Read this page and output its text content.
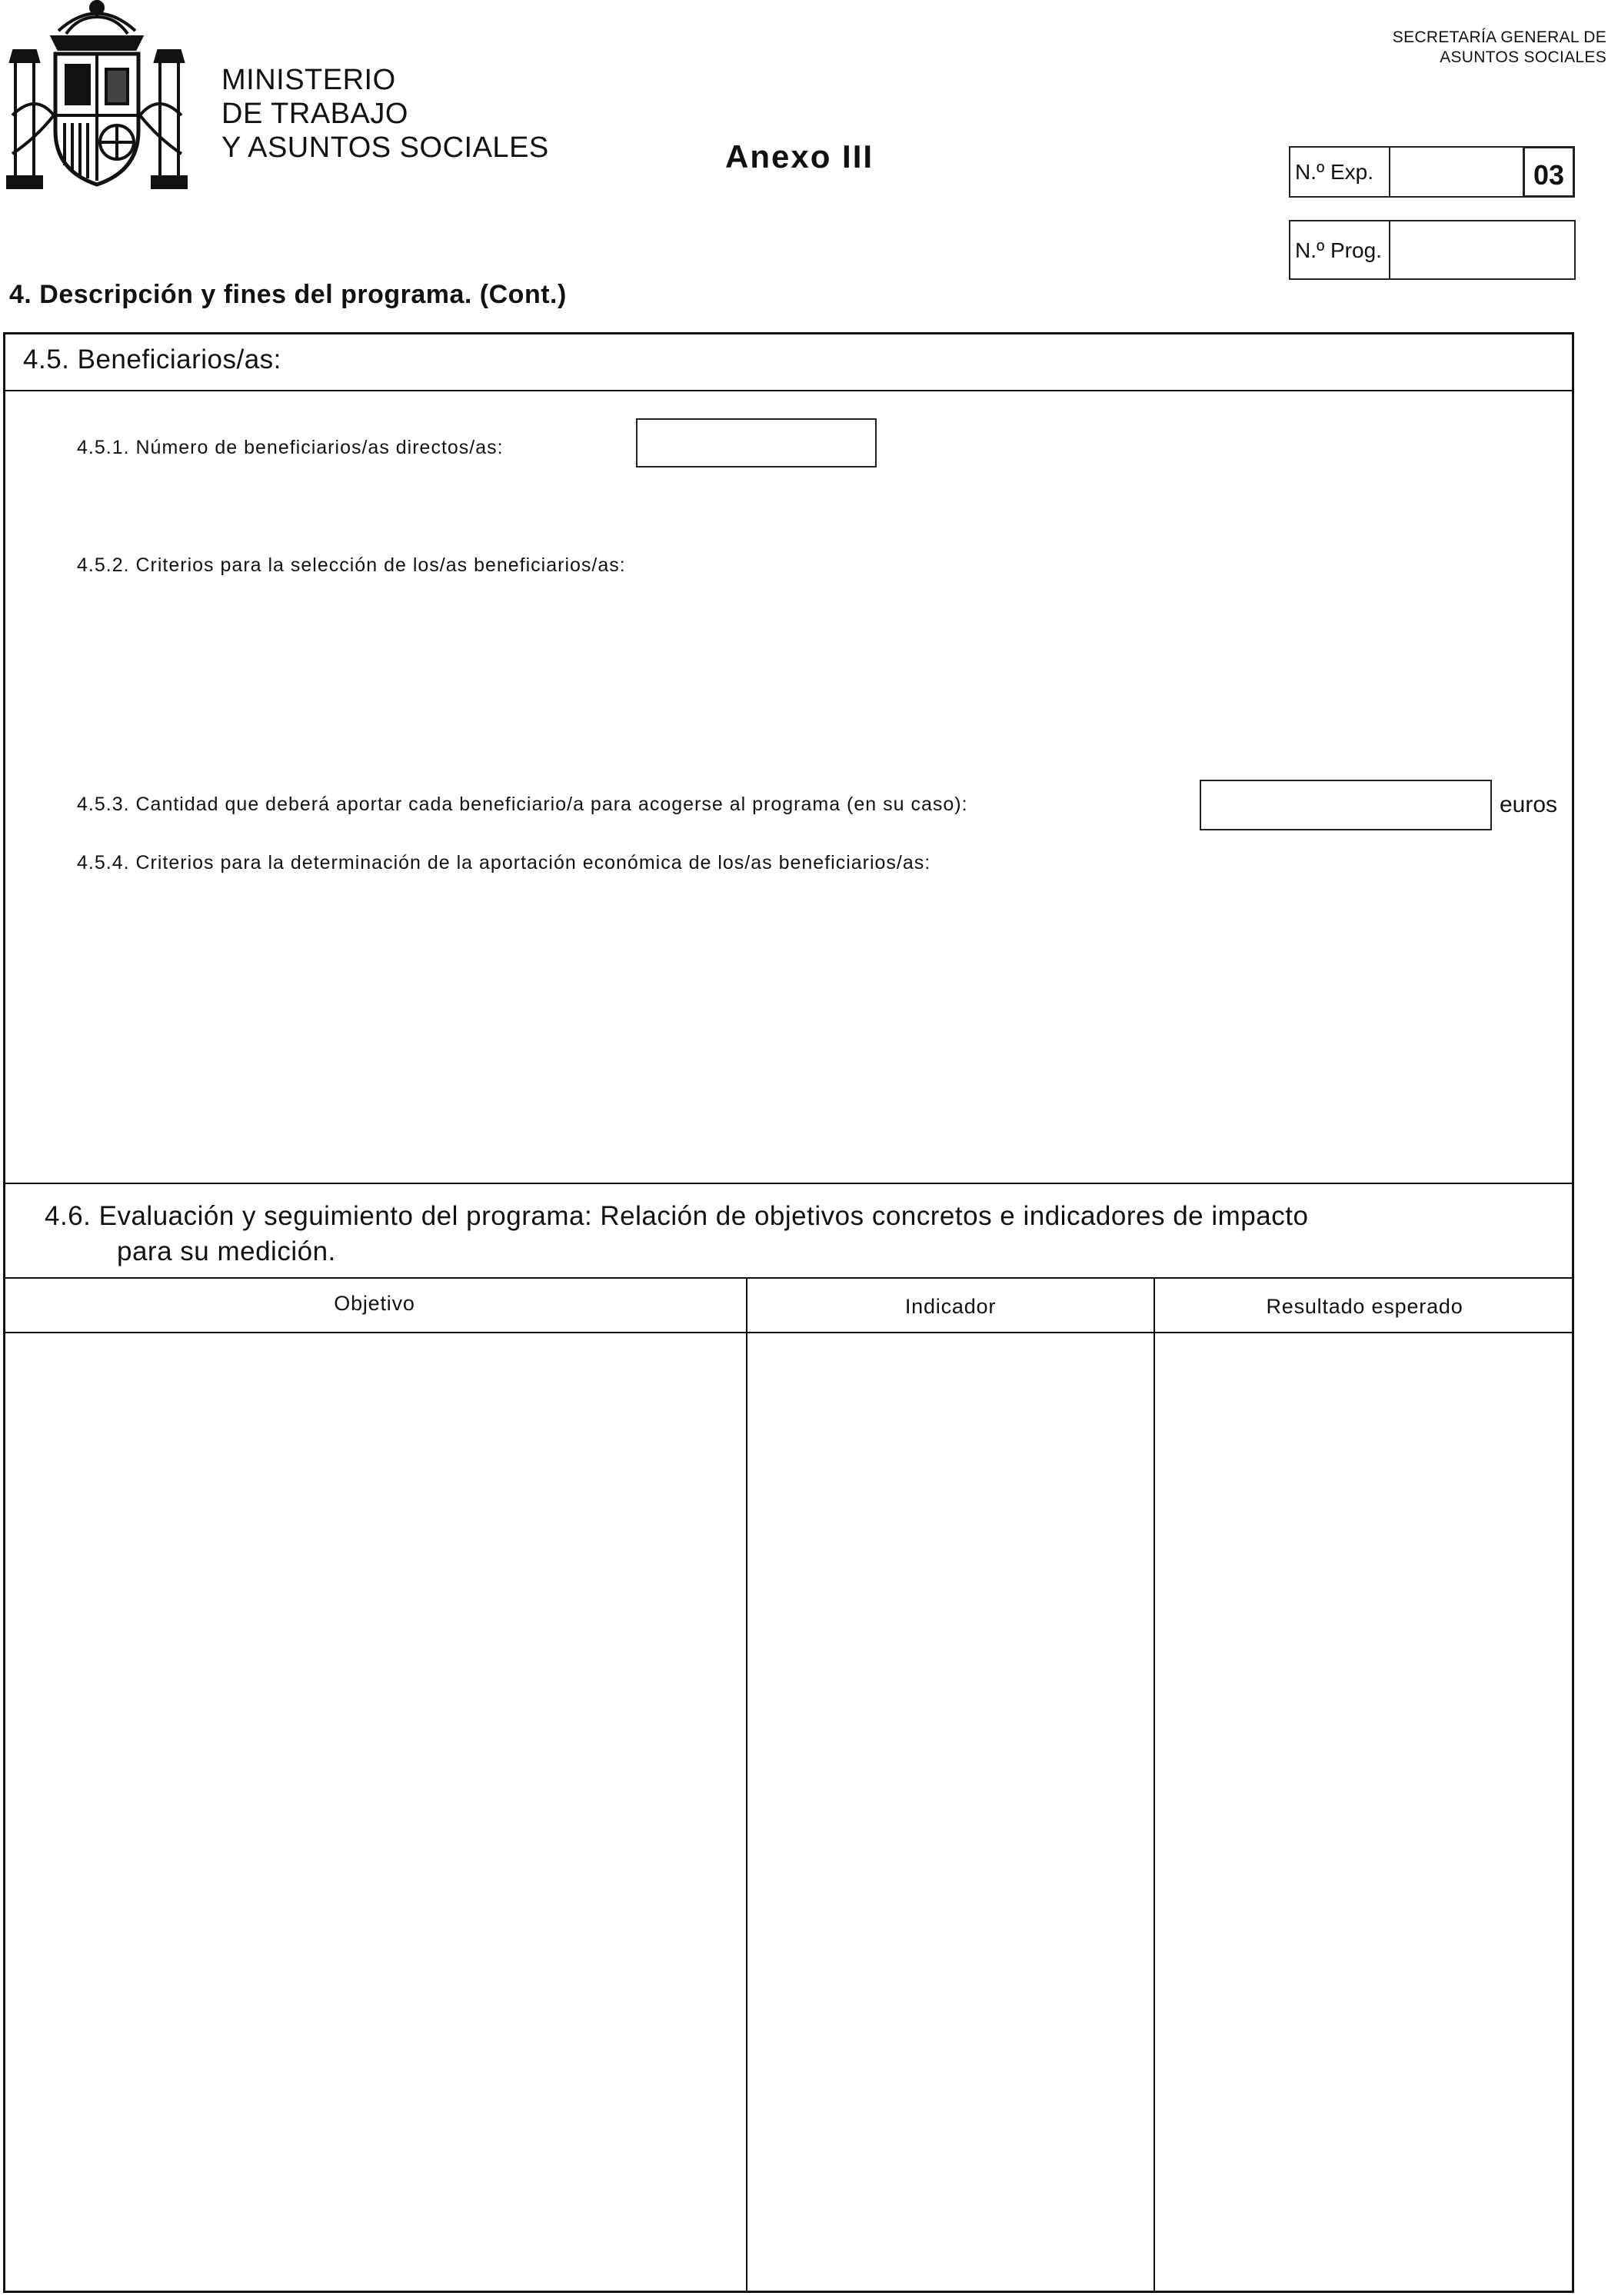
MINISTERIO
DE TRABAJO
Y ASUNTOS SOCIALES	Anexo III
SECRETARÍA GENERAL DE
ASUNTOS SOCIALES
N.º Exp.	03
N.º Prog.
4. Descripción y fines del programa. (Cont.)
4.5. Beneficiarios/as:
4.5.1. Número de beneficiarios/as directos/as:
4.5.2. Criterios para la selección de los/as beneficiarios/as:
4.5.3. Cantidad que deberá aportar cada beneficiario/a para acogerse al programa (en su caso):	euros
4.5.4. Criterios para la determinación de la aportación económica de los/as beneficiarios/as:
4.6. Evaluación y seguimiento del programa: Relación de objetivos concretos e indicadores de impacto
para su medición.
Objetivo	Indicador	Resultado esperado
